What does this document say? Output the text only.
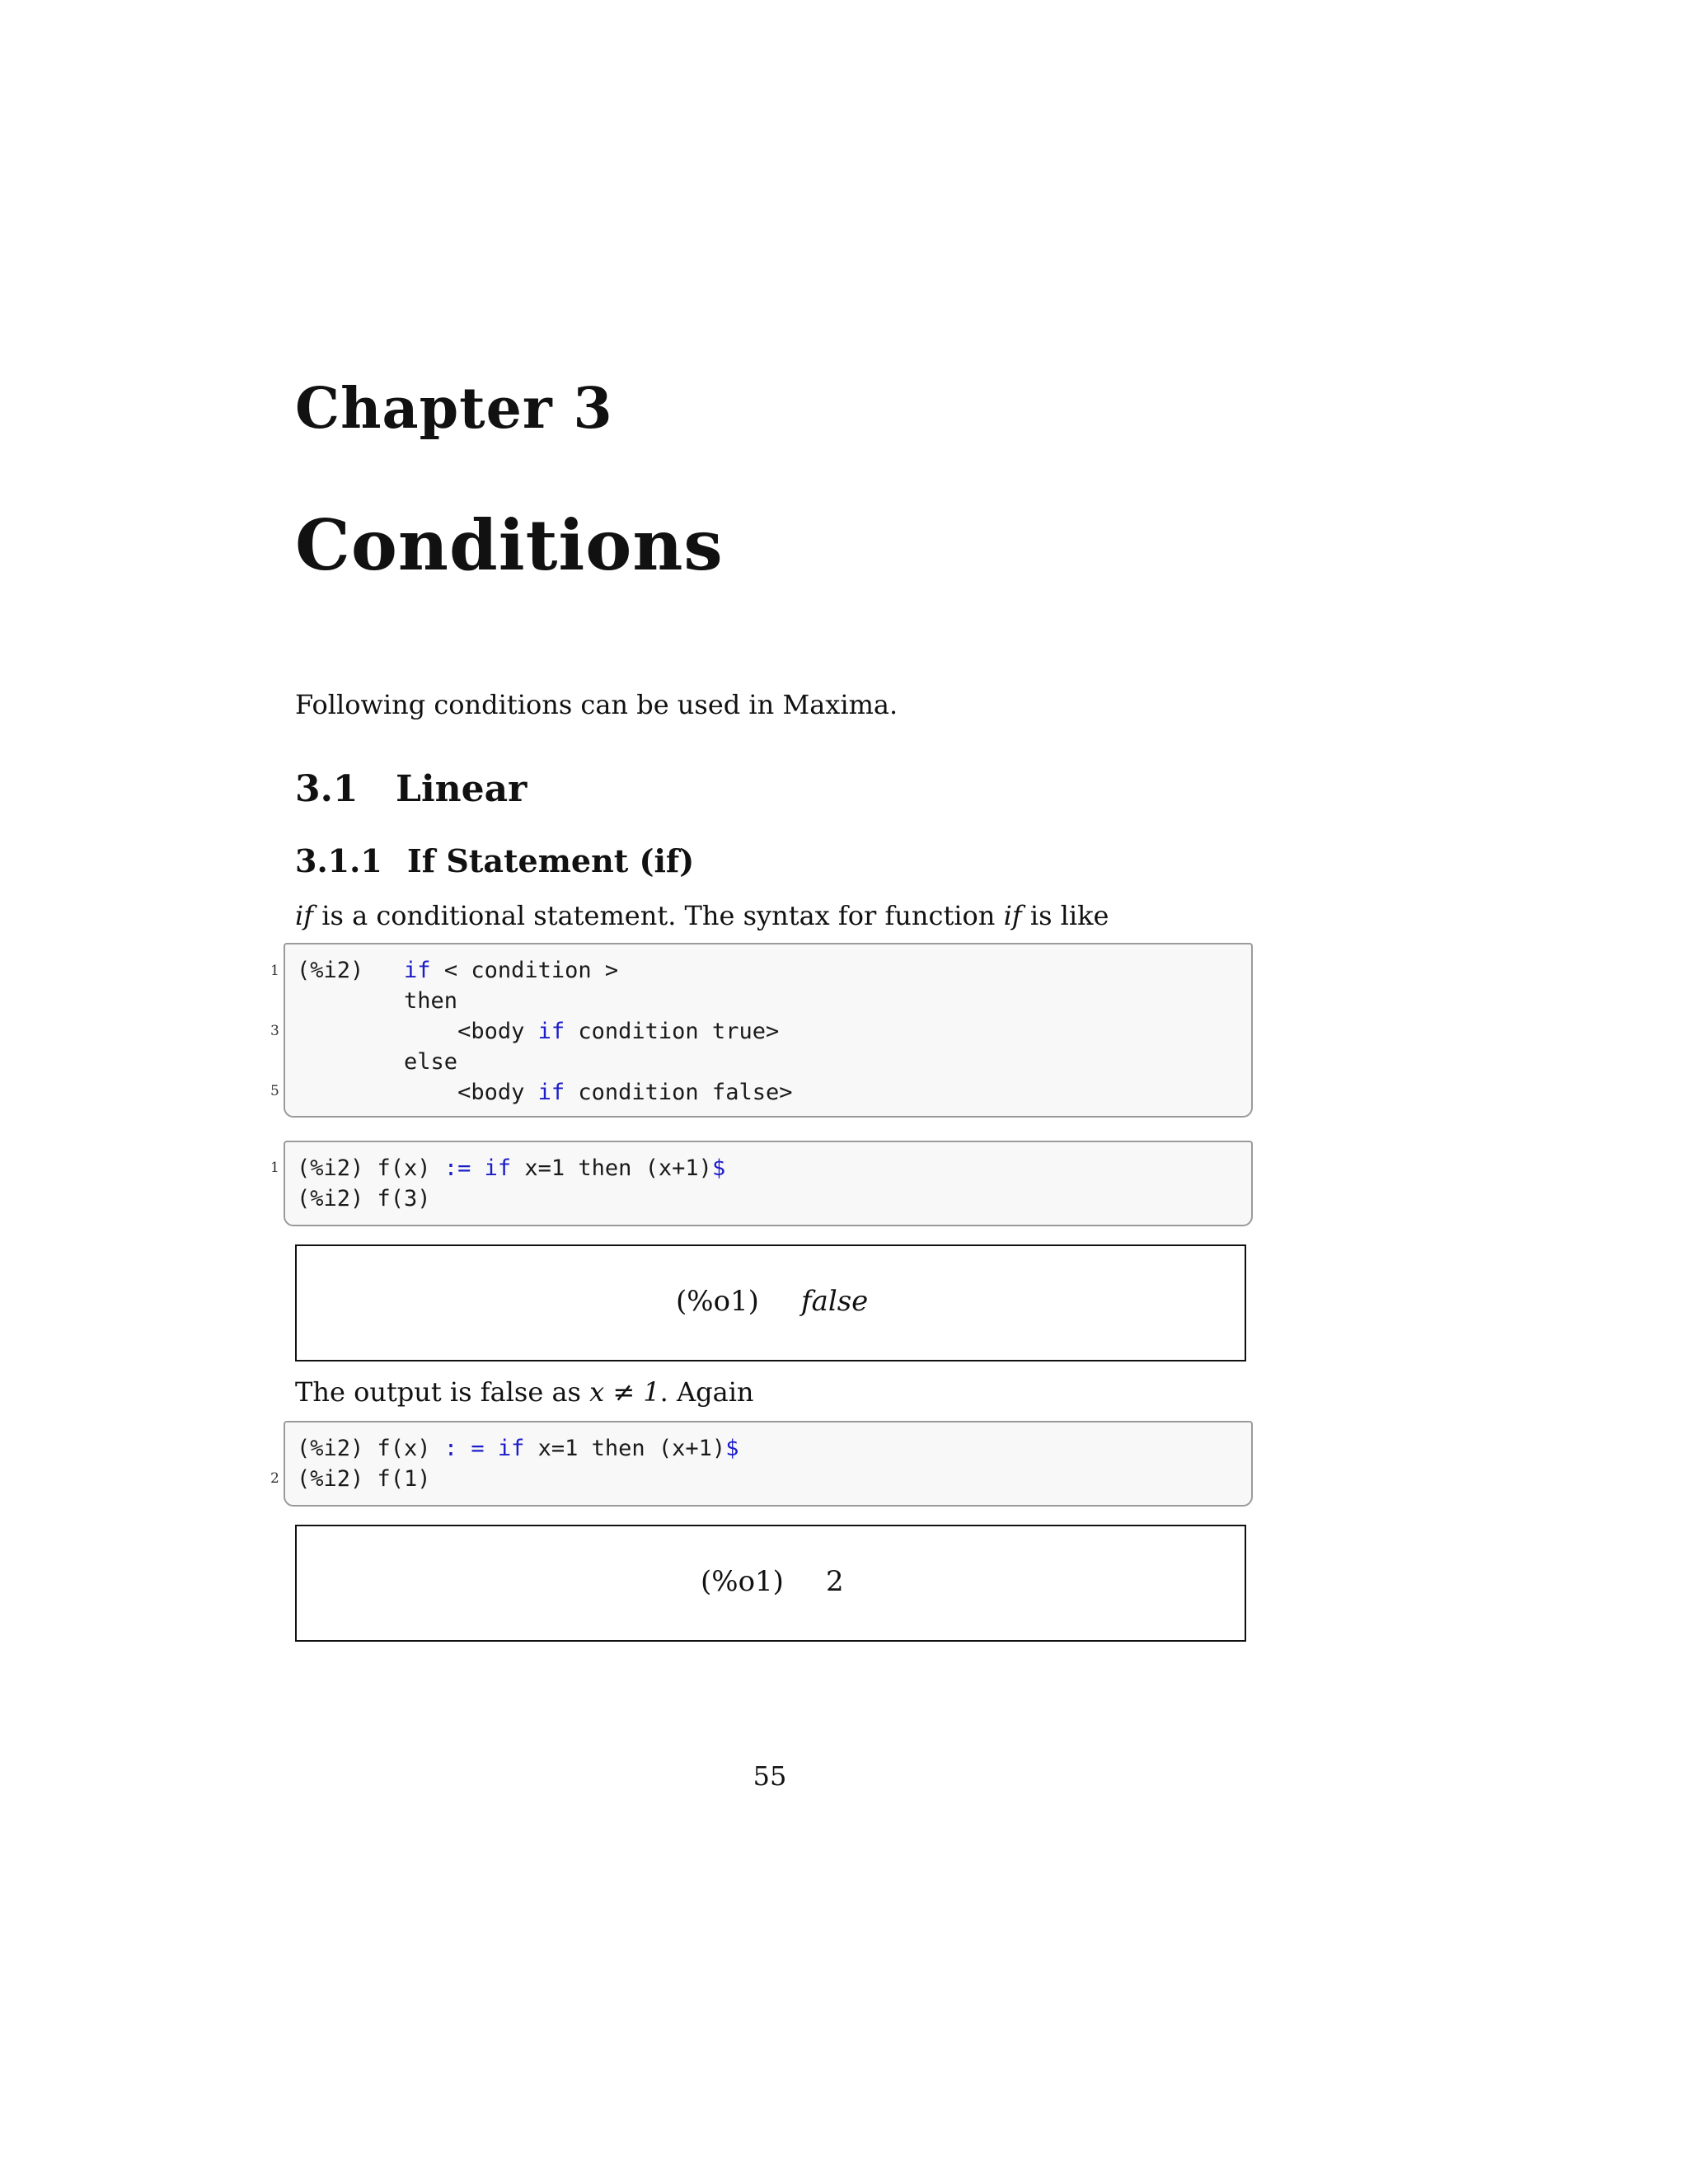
Chapter 3
Conditions
Following conditions can be used in Maxima.
3.1 Linear
3.1.1 If Statement (if)
if is a conditional statement. The syntax for function if is like
1
3
5
(%i2)   if < condition >
then
<body if condition true>
else
<body if condition false>
1 (%i2) f(x) := if x=1 then (x+1)$
(%i2) f(3)
(%o1) false
The output is false as x ≠ 1. Again
2
(%i2) f(x) : = if x=1 then (x+1)$
(%i2) f(1)
(%o1) 2
55
